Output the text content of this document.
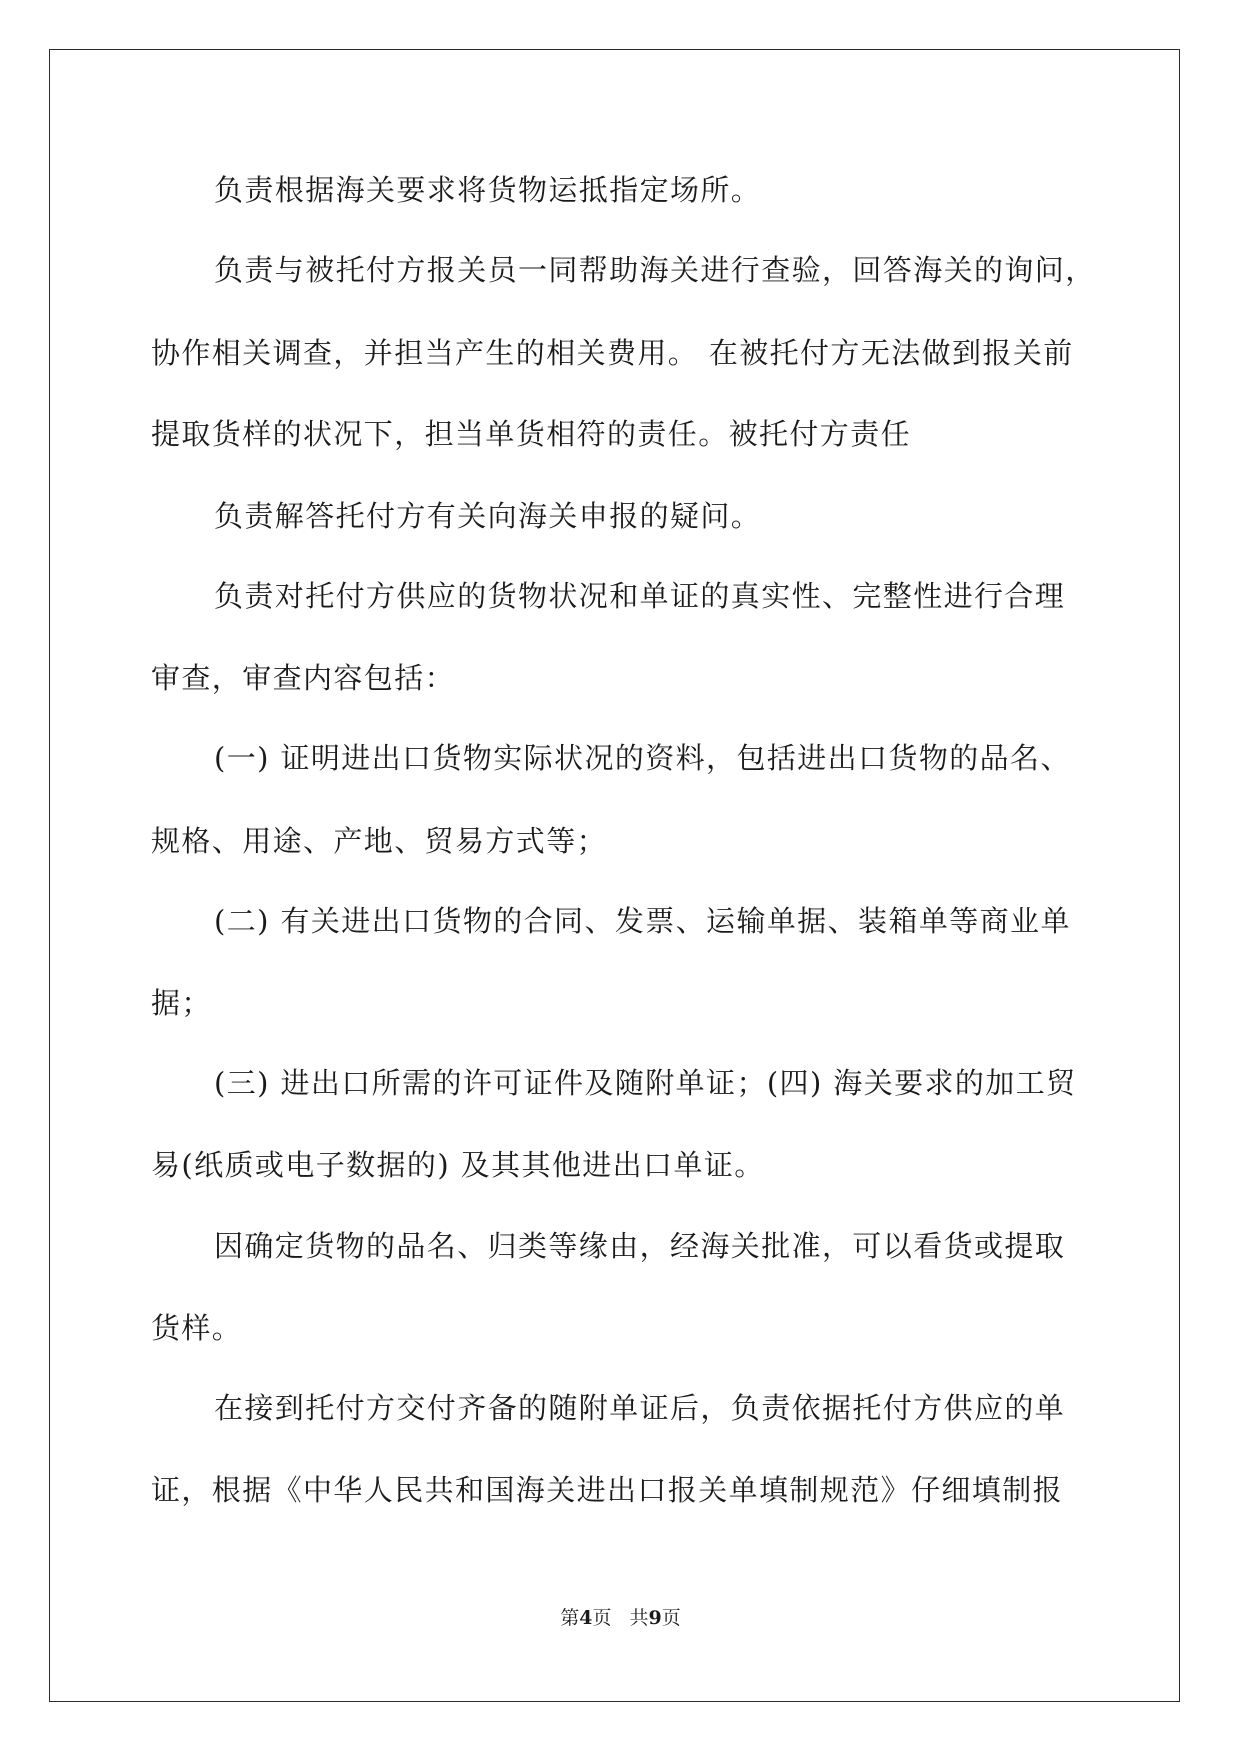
负责根据海关要求将货物运抵指定场所。
负责与被托付方报关员一同帮助海关进行查验，回答海关的询问，
协作相关调查，并担当产生的相关费用。 在被托付方无法做到报关前
提取货样的状况下，担当单货相符的责任。被托付方责任
负责解答托付方有关向海关申报的疑问。
负责对托付方供应的货物状况和单证的真实性、完整性进行合理
审查，审查内容包括：
(一) 证明进出口货物实际状况的资料，包括进出口货物的品名、
规格、用途、产地、贸易方式等；
(二) 有关进出口货物的合同、发票、运输单据、装箱单等商业单
据；
(三) 进出口所需的许可证件及随附单证；(四) 海关要求的加工贸
易(纸质或电子数据的) 及其其他进出口单证。
因确定货物的品名、归类等缘由，经海关批准，可以看货或提取
货样。
在接到托付方交付齐备的随附单证后，负责依据托付方供应的单
证，根据《中华人民共和国海关进出口报关单填制规范》仔细填制报
第4页 共9页
